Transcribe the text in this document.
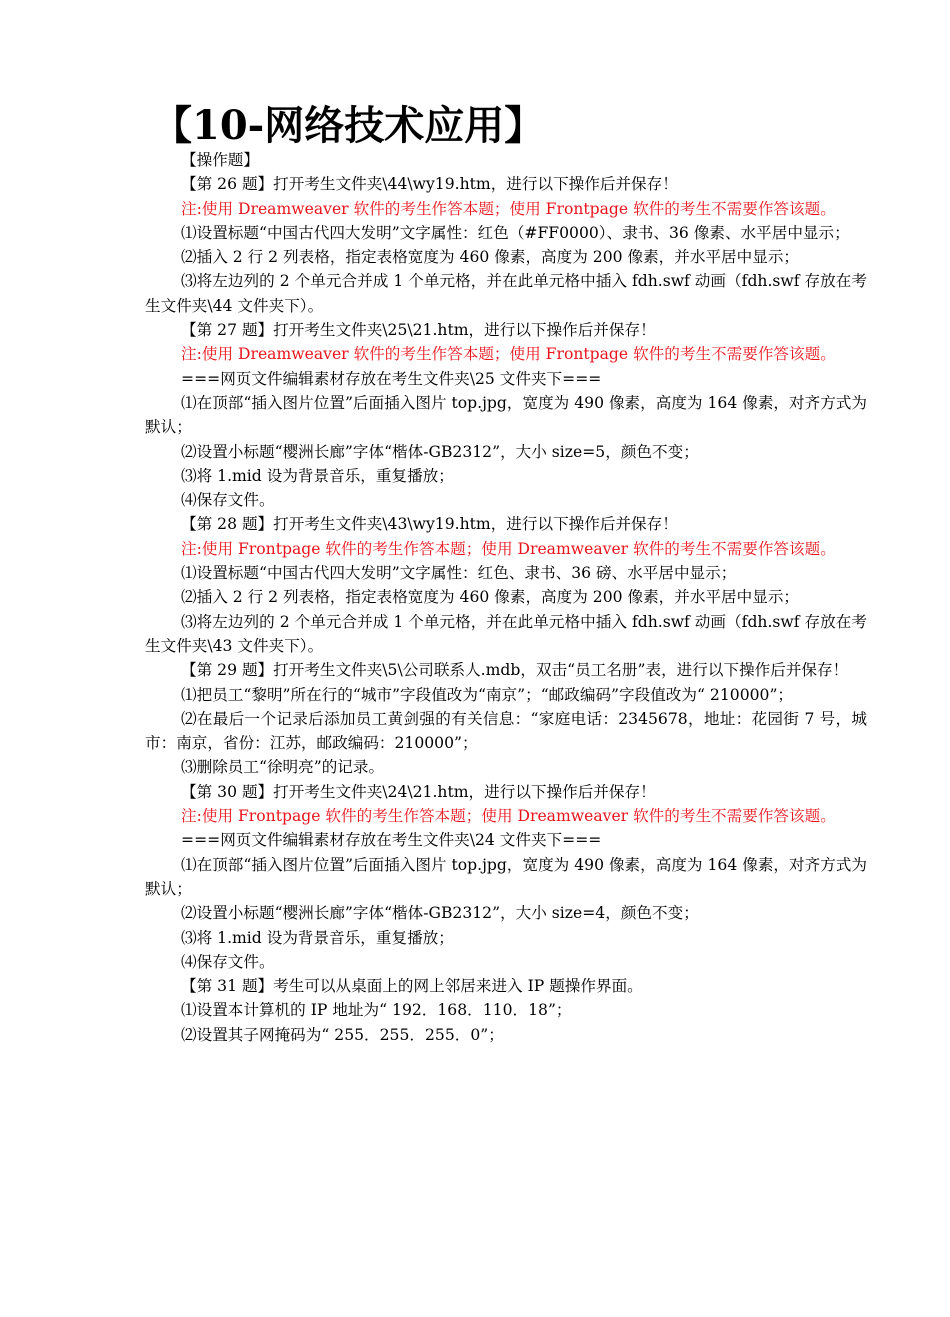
【10-网络技术应用】

【操作题】

【第 26 题】打开考生文件夹\44\wy19.htm，进行以下操作后并保存！

注:使用 Dreamweaver 软件的考生作答本题；使用 Frontpage 软件的考生不需要作答该题。

⑴设置标题“中国古代四大发明”文字属性：红色（#FF0000）、隶书、36 像素、水平居中显示；

⑵插入 2 行 2 列表格，指定表格宽度为 460 像素，高度为 200 像素，并水平居中显示；

⑶将左边列的 2 个单元合并成 1 个单元格，并在此单元格中插入 fdh.swf 动画（fdh.swf 存放在考生文件夹\44 文件夹下）。

【第 27 题】打开考生文件夹\25\21.htm，进行以下操作后并保存！

注:使用 Dreamweaver 软件的考生作答本题；使用 Frontpage 软件的考生不需要作答该题。

===网页文件编辑素材存放在考生文件夹\25 文件夹下===

⑴在顶部“插入图片位置”后面插入图片 top.jpg，宽度为 490 像素，高度为 164 像素，对齐方式为默认；

⑵设置小标题“樱洲长廊”字体“楷体-GB2312”，大小 size=5，颜色不变；

⑶将 1.mid 设为背景音乐，重复播放；

⑷保存文件。

【第 28 题】打开考生文件夹\43\wy19.htm，进行以下操作后并保存！

注:使用 Frontpage 软件的考生作答本题；使用 Dreamweaver 软件的考生不需要作答该题。

⑴设置标题“中国古代四大发明”文字属性：红色、隶书、36 磅、水平居中显示；

⑵插入 2 行 2 列表格，指定表格宽度为 460 像素，高度为 200 像素，并水平居中显示；

⑶将左边列的 2 个单元合并成 1 个单元格，并在此单元格中插入 fdh.swf 动画（fdh.swf 存放在考生文件夹\43 文件夹下）。

【第 29 题】打开考生文件夹\5\公司联系人.mdb，双击“员工名册”表，进行以下操作后并保存！

⑴把员工“黎明”所在行的“城市”字段值改为“南京”；“邮政编码”字段值改为“ 210000”；

⑵在最后一个记录后添加员工黄剑强的有关信息：“家庭电话：2345678，地址：花园街 7 号，城市：南京，省份：江苏，邮政编码：210000”；

⑶删除员工“徐明亮”的记录。

【第 30 题】打开考生文件夹\24\21.htm，进行以下操作后并保存！

注:使用 Frontpage 软件的考生作答本题；使用 Dreamweaver 软件的考生不需要作答该题。

===网页文件编辑素材存放在考生文件夹\24 文件夹下===

⑴在顶部“插入图片位置”后面插入图片 top.jpg，宽度为 490 像素，高度为 164 像素，对齐方式为默认；

⑵设置小标题“樱洲长廊”字体“楷体-GB2312”，大小 size=4，颜色不变；

⑶将 1.mid 设为背景音乐，重复播放；

⑷保存文件。

【第 31 题】考生可以从桌面上的网上邻居来进入 IP 题操作界面。

⑴设置本计算机的 IP 地址为“ 192．168．110．18”；

⑵设置其子网掩码为“ 255．255．255．0”；
